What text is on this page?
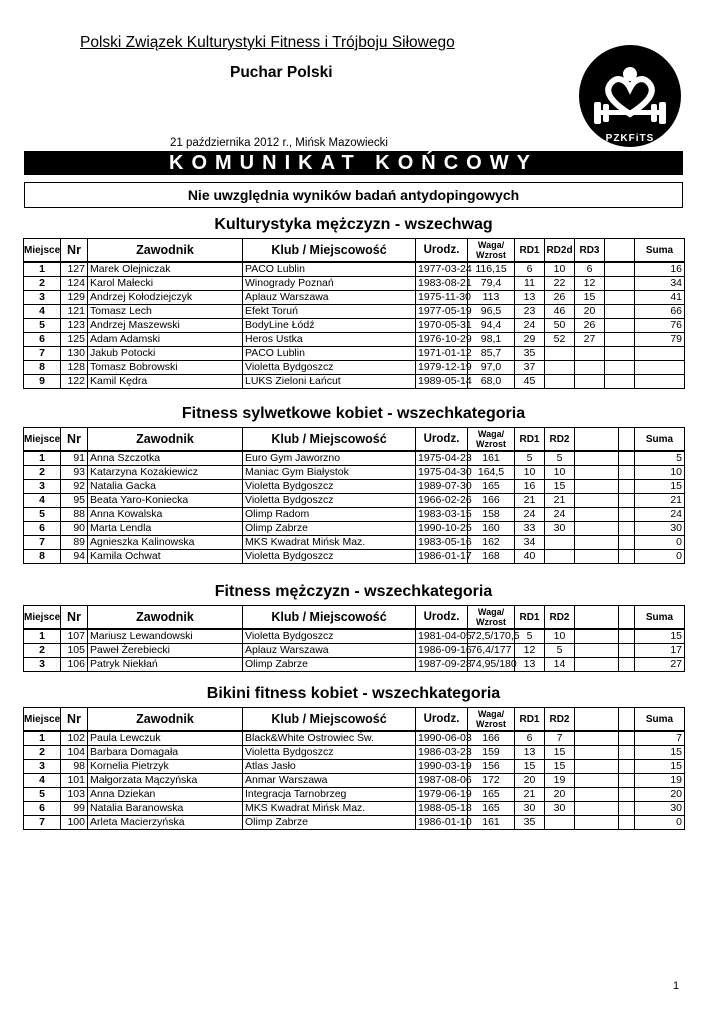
Polski Związek Kulturystyki Fitness i Trójboju Siłowego
Puchar Polski
PZKFiTS
21 października 2012 r., Mińsk Mazowiecki
KOMUNIKAT KOŃCOWY
Nie uwzględnia wyników badań antydopingowych
Kulturystyka mężczyzn - wszechwag
Miejsce	Nr	Zawodnik	Klub / Miejscowość	Urodz.	Waga/
Wzrost	RD1	RD2d	RD3		Suma
1	127	Marek Olejniczak	PACO Lublin	1977-03-24	116,15	6	10	6		16
2	124	Karol Małecki	Winogrady Poznań	1983-08-21	79,4	11	22	12		34
3	129	Andrzej Kołodziejczyk	Aplauz Warszawa	1975-11-30	113	13	26	15		41
4	121	Tomasz Lech	Efekt Toruń	1977-05-19	96,5	23	46	20		66
5	123	Andrzej Maszewski	BodyLine Łódź	1970-05-31	94,4	24	50	26		76
6	125	Adam Adamski	Heros Ustka	1976-10-29	98,1	29	52	27		79
7	130	Jakub Potocki	PACO Lublin	1971-01-12	85,7	35				
8	128	Tomasz Bobrowski	Violetta Bydgoszcz	1979-12-19	97,0	37				
9	122	Kamil Kędra	LUKS Zieloni Łańcut	1989-05-14	68,0	45				
Fitness sylwetkowe kobiet - wszechkategoria
Miejsce	Nr	Zawodnik	Klub / Miejscowość	Urodz.	Waga/
Wzrost	RD1	RD2			Suma
1	91	Anna Szczotka	Euro Gym Jaworzno	1975-04-23	161	5	5			5
2	93	Katarzyna Kozakiewicz	Maniac Gym Białystok	1975-04-30	164,5	10	10			10
3	92	Natalia Gacka	Violetta Bydgoszcz	1989-07-30	165	16	15			15
4	95	Beata Yaro-Koniecka	Violetta Bydgoszcz	1966-02-26	166	21	21			21
5	88	Anna Kowalska	Olimp Radom	1983-03-15	158	24	24			24
6	90	Marta Lendla	Olimp Zabrze	1990-10-25	160	33	30			30
7	89	Agnieszka Kalinowska	MKS Kwadrat Mińsk Maz.	1983-05-16	162	34				0
8	94	Kamila Ochwat	Violetta Bydgoszcz	1986-01-17	168	40				0
Fitness mężczyzn - wszechkategoria
Miejsce	Nr	Zawodnik	Klub / Miejscowość	Urodz.	Waga/
Wzrost	RD1	RD2			Suma
1	107	Mariusz Lewandowski	Violetta Bydgoszcz	1981-04-05	72,5/170,5	5	10			15
2	105	Paweł Żerebiecki	Aplauz Warszawa	1986-09-16	76,4/177	12	5			17
3	106	Patryk Niekłań	Olimp Zabrze	1987-09-28	74,95/180	13	14			27
Bikini fitness kobiet - wszechkategoria
Miejsce	Nr	Zawodnik	Klub / Miejscowość	Urodz.	Waga/
Wzrost	RD1	RD2			Suma
1	102	Paula Lewczuk	Black&White Ostrowiec Św.	1990-06-03	166	6	7			7
2	104	Barbara Domagała	Violetta Bydgoszcz	1986-03-23	159	13	15			15
3	98	Kornelia Pietrzyk	Atlas Jasło	1990-03-19	156	15	15			15
4	101	Małgorzata Mączyńska	Anmar Warszawa	1987-08-06	172	20	19			19
5	103	Anna Dziekan	Integracja Tarnobrzeg	1979-06-19	165	21	20			20
6	99	Natalia Baranowska	MKS Kwadrat Mińsk Maz.	1988-05-18	165	30	30			30
7	100	Arleta Macierzyńska	Olimp Zabrze	1986-01-10	161	35				0
1
